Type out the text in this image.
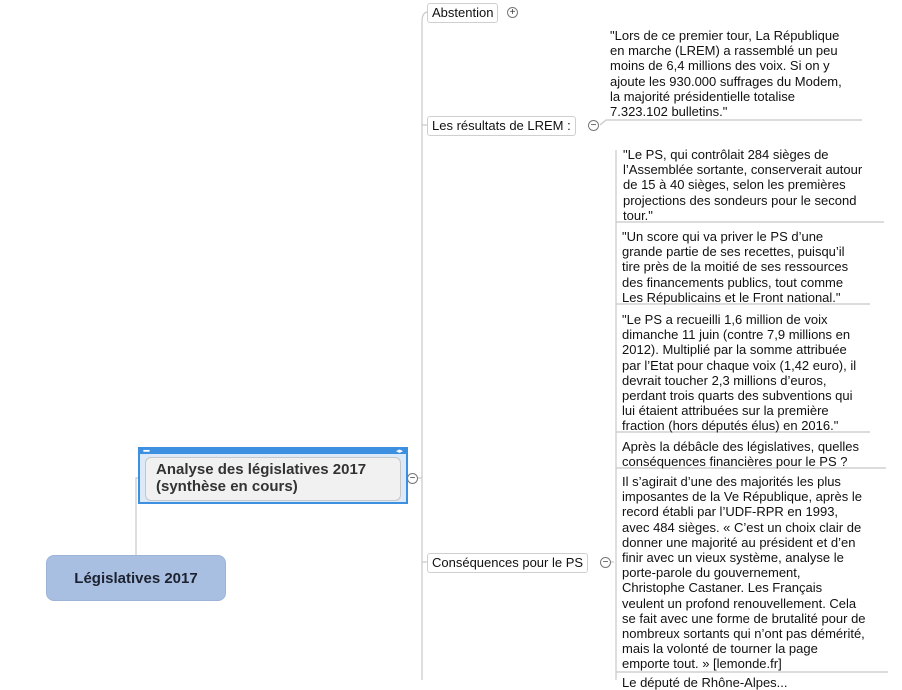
Législatives 2017
▪▪▪▪	◂▸
Analyse des législatives 2017
(synthèse en cours)	−
Abstention	+
Les résultats de LREM :	−
Conséquences pour le PS	−
"Lors de ce premier tour, La République
en marche (LREM) a rassemblé un peu
moins de 6,4 millions des voix. Si on y
ajoute les 930.000 suffrages du Modem,
la majorité présidentielle totalise
7.323.102 bulletins."
"Le PS, qui contrôlait 284 sièges de
l’Assemblée sortante, conserverait autour
de 15 à 40 sièges, selon les premières
projections des sondeurs pour le second
tour."
"Un score qui va priver le PS d’une
grande partie de ses recettes, puisqu’il
tire près de la moitié de ses ressources
des financements publics, tout comme
Les Républicains et le Front national."
"Le PS a recueilli 1,6 million de voix
dimanche 11 juin (contre 7,9 millions en
2012). Multiplié par la somme attribuée
par l’Etat pour chaque voix (1,42 euro), il
devrait toucher 2,3 millions d’euros,
perdant trois quarts des subventions qui
lui étaient attribuées sur la première
fraction (hors députés élus) en 2016."
Après la débâcle des législatives, quelles
conséquences financières pour le PS ?
Il s’agirait d’une des majorités les plus
imposantes de la Ve République, après le
record établi par l’UDF-RPR en 1993,
avec 484 sièges. « C’est un choix clair de
donner une majorité au président et d’en
finir avec un vieux système, analyse le
porte-parole du gouvernement,
Christophe Castaner. Les Français
veulent un profond renouvellement. Cela
se fait avec une forme de brutalité pour de
nombreux sortants qui n’ont pas démérité,
mais la volonté de tourner la page
emporte tout. » [lemonde.fr]
Le député de Rhône-Alpes...
